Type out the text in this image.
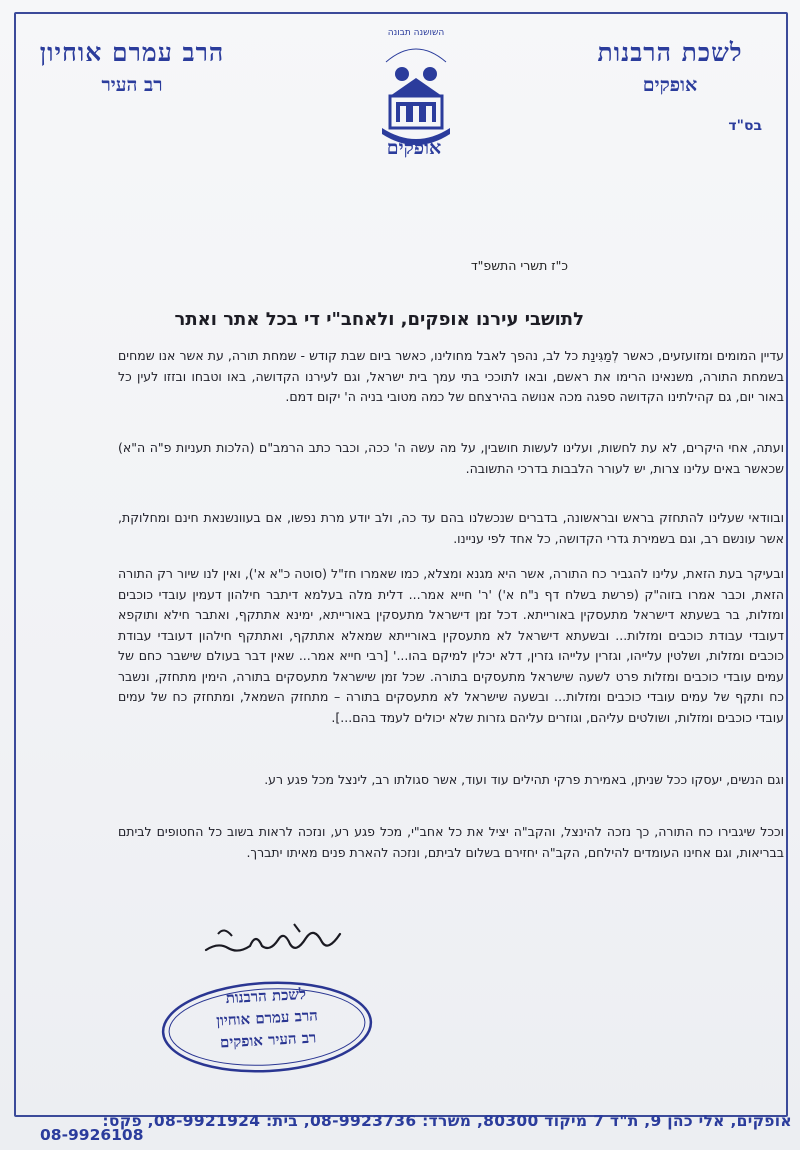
לשכת הרבנות
אופקים
הרב עמרם אוחיון
רב העיר
בס"ד
השושנה תבונה
אופקים
כ"ז תשרי התשפ"ד
לתושבי עירנו אופקים, ולאחב"י די בכל אתר ואתר
עדיין המומים ומזועזעים, כאשר לְמַגִּינַת כל לב, נהפך לאבל מחולינו, כאשר ביום שבת קודש - שמחת תורה, עת אשר אנו שמחים בשמחת התורה, משנאינו הרימו את ראשם, ובאו לתוככי בתי עמך בית ישראל, וגם לעירנו הקדושה, באו וטבחו ובזזו לעין כל באור יום, גם קהילתינו הקדושה ספגה מכה אנושה בהירצחם של כמה מטובי בניה ה' יקום דמם.
ועתה, אחי היקרים, לא עת לחשות, ועלינו לעשות חושבין, על מה עשה ה' ככה, וכבר כתב הרמב"ם (הלכות תעניות פ"ה ה"א) שכאשר באים עלינו צרות, יש לעורר הלבבות בדרכי התשובה.
ובוודאי שעלינו להתחזק בראש ובראשונה, בדברים שנכשלנו בהם עד כה, ולב יודע מרת נפשו, אם בעוונשנאת חינם ומחלוקת, אשר עונשם רב, וגם בשמירת גדרי הקדושה, כל אחד לפי עניינו.
ובעיקר בעת הזאת, עלינו להגביר כח התורה, אשר היא מגנא ומצלא, כמו שאמרו חז"ל (סוטה כ"א א'), ואין לנו שיור רק התורה הזאת, וכבר אמרו בזוה"ק (פרשת בשלח דף נ"ח א') 'ר' חייא אמר... דלית מלה בעלמא דיתבר חילהון דעמין עובדי כוכבים ומזלות, בר בשעתא דישראל מתעסקין באורייתא. דכל זמן דישראל מתעסקין באורייתא, ימינא אתתקף, ואתבר חילא ותוקפא דעובדי עבודת כוכבים ומזלות... ובשעתא דישראל לא מתעסקין באורייתא שמאלא אתתקף, ואתתקף חילהון דעובדי עבודת כוכבים ומזלות, ושלטין עלייהו, וגזרין עלייהו גזרין, דלא יכלין למיקם בהו...' [רבי חייא אמר... שאין דבר בעולם שישבר כחם של עמים עובדי כוכבים ומזלות פרט לשעה שישראל מתעסקים בתורה. שכל זמן שישראל מתעסקים בתורה, הימין מתחזק, ונשבר כח ותקף של עמים עובדי כוכבים ומזלות... ובשעה שישראל לא מתעסקים בתורה – מתחזק השמאל, ומתחזק כח של עמים עובדי כוכבים ומזלות, ושולטים עליהם, וגוזרים עליהם גזרות שלא יכולים לעמד בהם...].
וגם הנשים, יעסקו ככל שניתן, באמירת פרקי תהילים עוד ועוד, אשר סגולתו רב, לינצל מכל פגע רע.
וככל שיגבירו כח התורה, כך נזכה להינצל, והקב"ה יציל את כל אחב"י, מכל פגע רע, ונזכה לראות בשוב כל החטופים לביתם בבריאות, וגם אחינו העומדים להילחם, הקב"ה יחזירם בשלום לביתם, ונזכה להארת פנים מאיתו יתברך.
לשכת הרבנות
הרב עמרם אוחיון
רב העיר אופקים
אופקים, אלי כהן 9, ת"ד 7 מיקוד 80300, משרד: 08-9923736, בית: 08-9921924, פקס:
08-9926108
